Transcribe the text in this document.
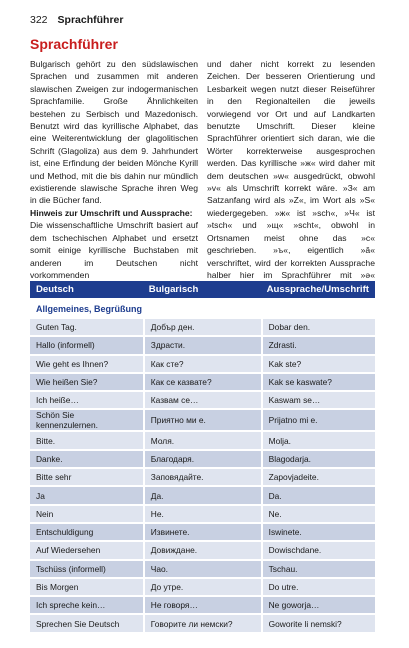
322 Sprachführer
Sprachführer

Bulgarisch gehört zu den südslawischen Sprachen und zusammen mit anderen slawischen Zweigen zur indogermanischen Sprachfamilie. Große Ähnlichkeiten bestehen zu Serbisch und Mazedonisch. Benutzt wird das kyrillische Alphabet, das eine Weiterentwicklung der glagolitischen Schrift (Glagoliza) aus dem 9. Jahrhundert ist, eine Erfindung der beiden Mönche Kyrill und Method, mit die bis dahin nur mündlich existierende slawische Sprache ihren Weg in die Bücher fand.

Hinweis zur Umschrift und Aussprache:

Die wissenschaftliche Umschrift basiert auf dem tschechischen Alphabet und ersetzt somit einige kyrillische Buchstaben mit anderen im Deutschen nicht vorkommenden

und daher nicht korrekt zu lesenden Zeichen. Der besseren Orientierung und Lesbarkeit wegen nutzt dieser Reiseführer in den Regionalteilen die jeweils vorwiegend vor Ort und auf Landkarten benutzte Umschrift. Dieser kleine Sprachführer orientiert sich daran, wie die Wörter korrekterweise ausgesprochen werden. Das kyrillische »ж« wird daher mit dem deutschen »w« ausgedrückt, obwohl »v« als Umschrift korrekt wäre. »З« am Satzanfang wird als »Z«, im Wort als »S« wiedergegeben. »ж« ist »sch«, »Ч« ist »tsch« und »щ« »scht«, obwohl in Ortsnamen meist ohne das »c« geschrieben. »ъ«, eigentlich »ǎ« verschriftet, wird der korrekten Aussprache halber hier im Sprachführer mit »ǝ«

Deutsch	Bulgarisch	Aussprache/Umschrift
Allgemeines, Begrüßung		
Guten Tag.	Добър ден.	Dobar den.
Hallo (informell)	Здрасти.	Zdrasti.
Wie geht es Ihnen?	Как сте?	Kak ste?
Wie heißen Sie?	Как се казвате?	Kak se kaswate?
Ich heiße…	Казвам се…	Kaswam se…
Schön Sie kennenzulernen.	Приятно ми е.	Prijatno mi e.
Bitte.	Моля.	Molja.
Danke.	Благодаря.	Blagodarja.
Bitte sehr	Заповядайте.	Zapovjadeite.
Ja	Да.	Da.
Nein	Не.	Ne.
Entschuldigung	Извинете.	Iswinete.
Auf Wiedersehen	Довиждане.	Dowischdane.
Tschüss (informell)	Чао.	Tschau.
Bis Morgen	До утре.	Do utre.
Ich spreche kein…	Не говоря…	Ne goworja…
Sprechen Sie Deutsch	Говорите ли немски?	Goworite li nemski?
